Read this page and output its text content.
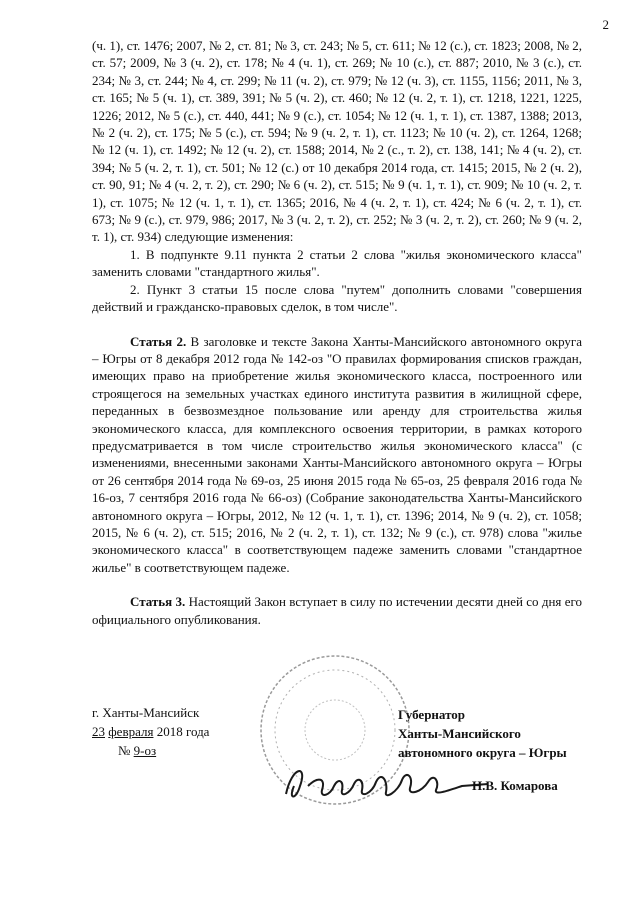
2

(ч. 1), ст. 1476; 2007, № 2, ст. 81; № 3, ст. 243; № 5, ст. 611; № 12 (с.), ст. 1823; 2008, № 2, ст. 57; 2009, № 3 (ч. 2), ст. 178; № 4 (ч. 1), ст. 269; № 10 (с.), ст. 887; 2010, № 3 (с.), ст. 234; № 3, ст. 244; № 4, ст. 299; № 11 (ч. 2), ст. 979; № 12 (ч. 3), ст. 1155, 1156; 2011, № 3, ст. 165; № 5 (ч. 1), ст. 389, 391; № 5 (ч. 2), ст. 460; № 12 (ч. 2, т. 1), ст. 1218, 1221, 1225, 1226; 2012, № 5 (с.), ст. 440, 441; № 9 (с.), ст. 1054; № 12 (ч. 1, т. 1), ст. 1387, 1388; 2013, № 2 (ч. 2), ст. 175; № 5 (с.), ст. 594; № 9 (ч. 2, т. 1), ст. 1123; № 10 (ч. 2), ст. 1264, 1268; № 12 (ч. 1), ст. 1492; № 12 (ч. 2), ст. 1588; 2014, № 2 (с., т. 2), ст. 138, 141; № 4 (ч. 2), ст. 394; № 5 (ч. 2, т. 1), ст. 501; № 12 (с.) от 10 декабря 2014 года, ст. 1415; 2015, № 2 (ч. 2), ст. 90, 91; № 4 (ч. 2, т. 2), ст. 290; № 6 (ч. 2), ст. 515; № 9 (ч. 1, т. 1), ст. 909; № 10 (ч. 2, т. 1), ст. 1075; № 12 (ч. 1, т. 1), ст. 1365; 2016, № 4 (ч. 2, т. 1), ст. 424; № 6 (ч. 2, т. 1), ст. 673; № 9 (с.), ст. 979, 986; 2017, № 3 (ч. 2, т. 2), ст. 252; № 3 (ч. 2, т. 2), ст. 260; № 9 (ч. 2, т. 1), ст. 934) следующие изменения:

1. В подпункте 9.11 пункта 2 статьи 2 слова "жилья экономического класса" заменить словами "стандартного жилья".

2. Пункт 3 статьи 15 после слова "путем" дополнить словами "совершения действий и гражданско-правовых сделок, в том числе".

Статья 2. В заголовке и тексте Закона Ханты-Мансийского автономного округа – Югры от 8 декабря 2012 года № 142-оз "О правилах формирования списков граждан, имеющих право на приобретение жилья экономического класса, построенного или строящегося на земельных участках единого института развития в жилищной сфере, переданных в безвозмездное пользование или аренду для строительства жилья экономического класса, для комплексного освоения территории, в рамках которого предусматривается в том числе строительство жилья экономического класса" (с изменениями, внесенными законами Ханты-Мансийского автономного округа – Югры от 26 сентября 2014 года № 69-оз, 25 июня 2015 года № 65-оз, 25 февраля 2016 года № 16-оз, 7 сентября 2016 года № 66-оз) (Собрание законодательства Ханты-Мансийского автономного округа – Югры, 2012, № 12 (ч. 1, т. 1), ст. 1396; 2014, № 9 (ч. 2), ст. 1058; 2015, № 6 (ч. 2), ст. 515; 2016, № 2 (ч. 2, т. 1), ст. 132; № 9 (с.), ст. 978) слова "жилье экономического класса" в соответствующем падеже заменить словами "стандартное жилье" в соответствующем падеже.

Статья 3. Настоящий Закон вступает в силу по истечении десяти дней со дня его официального опубликования.

г. Ханты-Мансийск
23 февраля 2018 года
№ 9-оз
Губернатор
Ханты-Мансийского
автономного округа – Югры
Н.В. Комарова
